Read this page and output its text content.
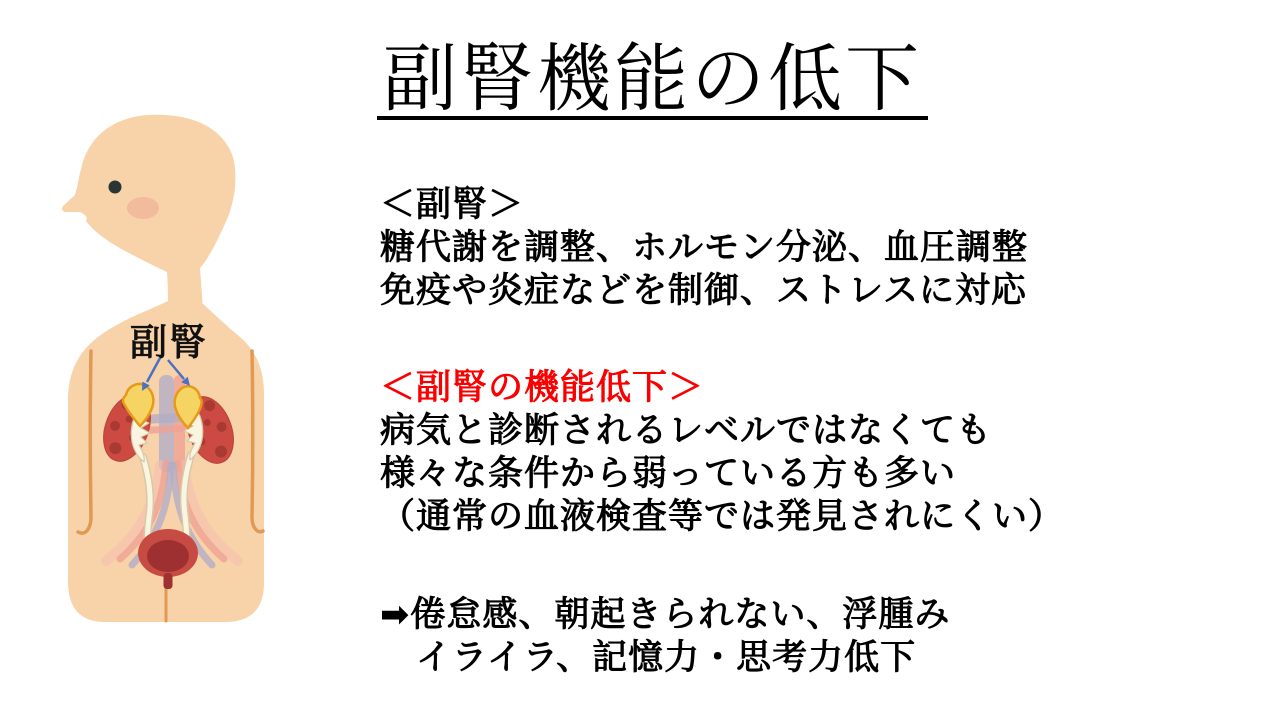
副腎機能の低下
副腎
＜副腎＞
糖代謝を調整、ホルモン分泌、血圧調整
免疫や炎症などを制御、ストレスに対応
＜副腎の機能低下＞
病気と診断されるレベルではなくても
様々な条件から弱っている方も多い
（通常の血液検査等では発見されにくい）
➡倦怠感、朝起きられない、浮腫み
　イライラ、記憶力・思考力低下
